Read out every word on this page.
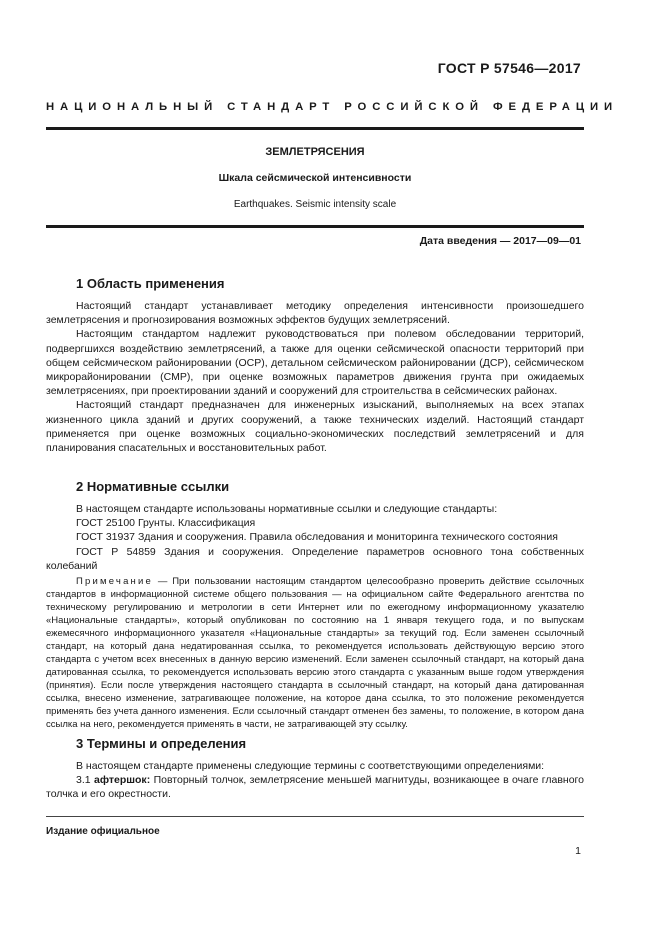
ГОСТ Р 57546—2017
НАЦИОНАЛЬНЫЙ СТАНДАРТ РОССИЙСКОЙ ФЕДЕРАЦИИ
ЗЕМЛЕТРЯСЕНИЯ
Шкала сейсмической интенсивности
Earthquakes. Seismic intensity scale
Дата введения — 2017—09—01
1 Область применения

Настоящий стандарт устанавливает методику определения интенсивности произошедшего землетрясения и прогнозирования возможных эффектов будущих землетрясений.

Настоящим стандартом надлежит руководствоваться при полевом обследовании территорий, подвергшихся воздействию землетрясений, а также для оценки сейсмической опасности территорий при общем сейсмическом районировании (ОСР), детальном сейсмическом районировании (ДСР), сейсмическом микрорайонировании (СМР), при оценке возможных параметров движения грунта при ожидаемых землетрясениях, при проектировании зданий и сооружений для строительства в сейсмических районах.

Настоящий стандарт предназначен для инженерных изысканий, выполняемых на всех этапах жизненного цикла зданий и других сооружений, а также технических изделий. Настоящий стандарт применяется при оценке возможных социально-экономических последствий землетрясений и для планирования спасательных и восстановительных работ.

2 Нормативные ссылки

В настоящем стандарте использованы нормативные ссылки и следующие стандарты:

ГОСТ 25100 Грунты. Классификация

ГОСТ 31937 Здания и сооружения. Правила обследования и мониторинга технического состояния

ГОСТ Р 54859 Здания и сооружения. Определение параметров основного тона собственных колебаний

Примечание — При пользовании настоящим стандартом целесообразно проверить действие ссылочных стандартов в информационной системе общего пользования — на официальном сайте Федерального агентства по техническому регулированию и метрологии в сети Интернет или по ежегодному информационному указателю «Национальные стандарты», который опубликован по состоянию на 1 января текущего года, и по выпускам ежемесячного информационного указателя «Национальные стандарты» за текущий год. Если заменен ссылочный стандарт, на который дана недатированная ссылка, то рекомендуется использовать действующую версию этого стандарта с учетом всех внесенных в данную версию изменений. Если заменен ссылочный стандарт, на который дана датированная ссылка, то рекомендуется использовать версию этого стандарта с указанным выше годом утверждения (принятия). Если после утверждения настоящего стандарта в ссылочный стандарт, на который дана датированная ссылка, внесено изменение, затрагивающее положение, на которое дана ссылка, то это положение рекомендуется применять без учета данного изменения. Если ссылочный стандарт отменен без замены, то положение, в котором дана ссылка на него, рекомендуется применять в части, не затрагивающей эту ссылку.

3 Термины и определения

В настоящем стандарте применены следующие термины с соответствующими определениями:

3.1 афтершок: Повторный толчок, землетрясение меньшей магнитуды, возникающее в очаге главного толчка и его окрестности.

Издание официальное
1
